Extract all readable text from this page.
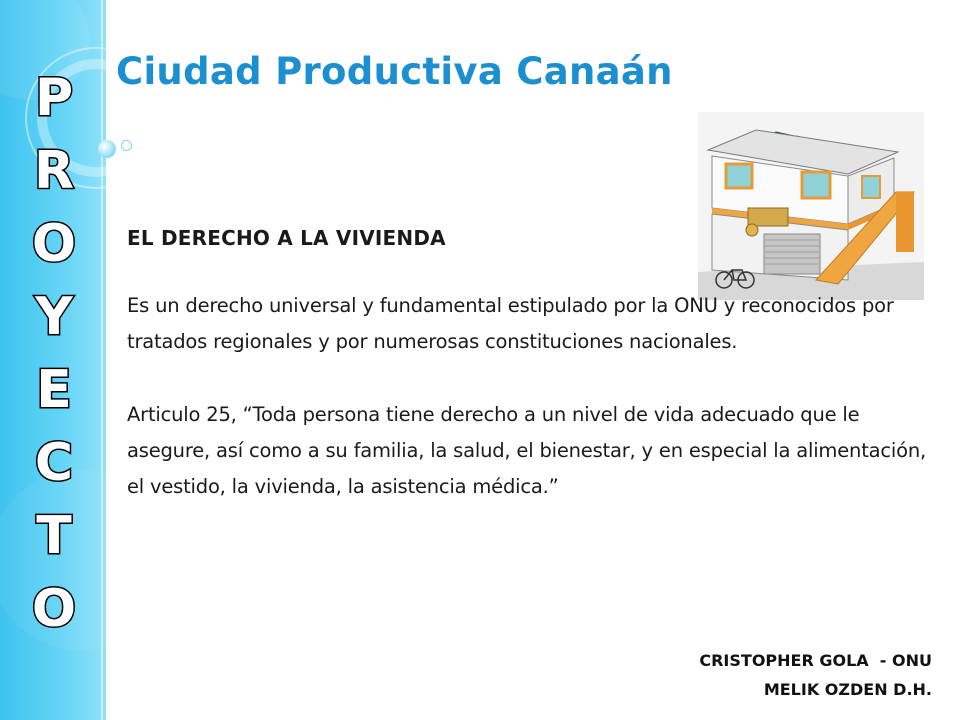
P
R
O
Y
E
C
T
O
Ciudad Productiva Canaán
EL DERECHO A LA VIVIENDA

Es un derecho universal y fundamental estipulado por la ONU y reconocidos por tratados regionales y por numerosas constituciones nacionales.

Articulo 25, “Toda persona tiene derecho a un nivel de vida adecuado que le asegure, así como a su familia, la salud, el bienestar, y en especial la alimentación, el vestido, la vivienda, la asistencia médica.”

CRISTOPHER GOLA  - ONU
MELIK OZDEN D.H.
